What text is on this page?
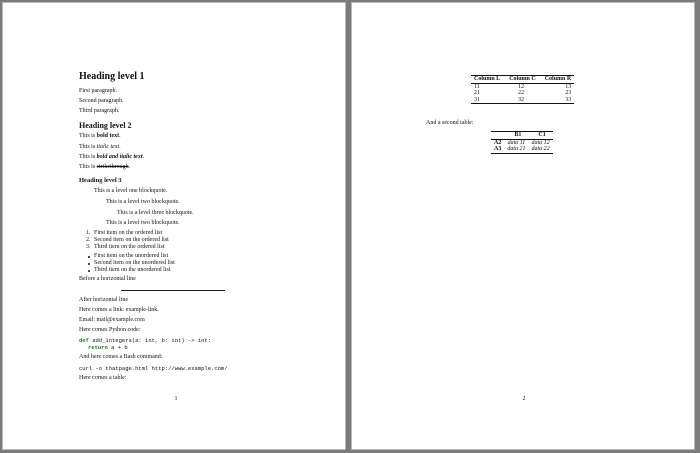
Heading level 1
First paragraph.
Second paragraph.
Third paragraph.
Heading level 2
This is bold text.
This is italic text.
This is bold and italic text.
This is strikethrough.
Heading level 3
This is a level one blockquote.
This is a level two blockquote.
This is a level three blockquote.
This is a level two blockquote.
1. First item on the ordered list
2. Second item on the ordered list
3. Third item on the ordered list
First item on the unordered list
Second item on the unordered list
Third item on the unordered list
Before a horizontal line
After horizontal line
Here comes a link: example-link.
Email: mail@example.com
Here comes Python code:
def add_integers(a: int, b: int) -> int:
return a + b
And here comes a Bash command:
curl -o thatpage.html http://www.example.com/
Here comes a table:
1
Column L	Column C	Column R
11	12	13
21	22	23
31	32	33
And a second table:
	B1	C1
A2	data 11	data 12
A3	data 21	data 22
2
